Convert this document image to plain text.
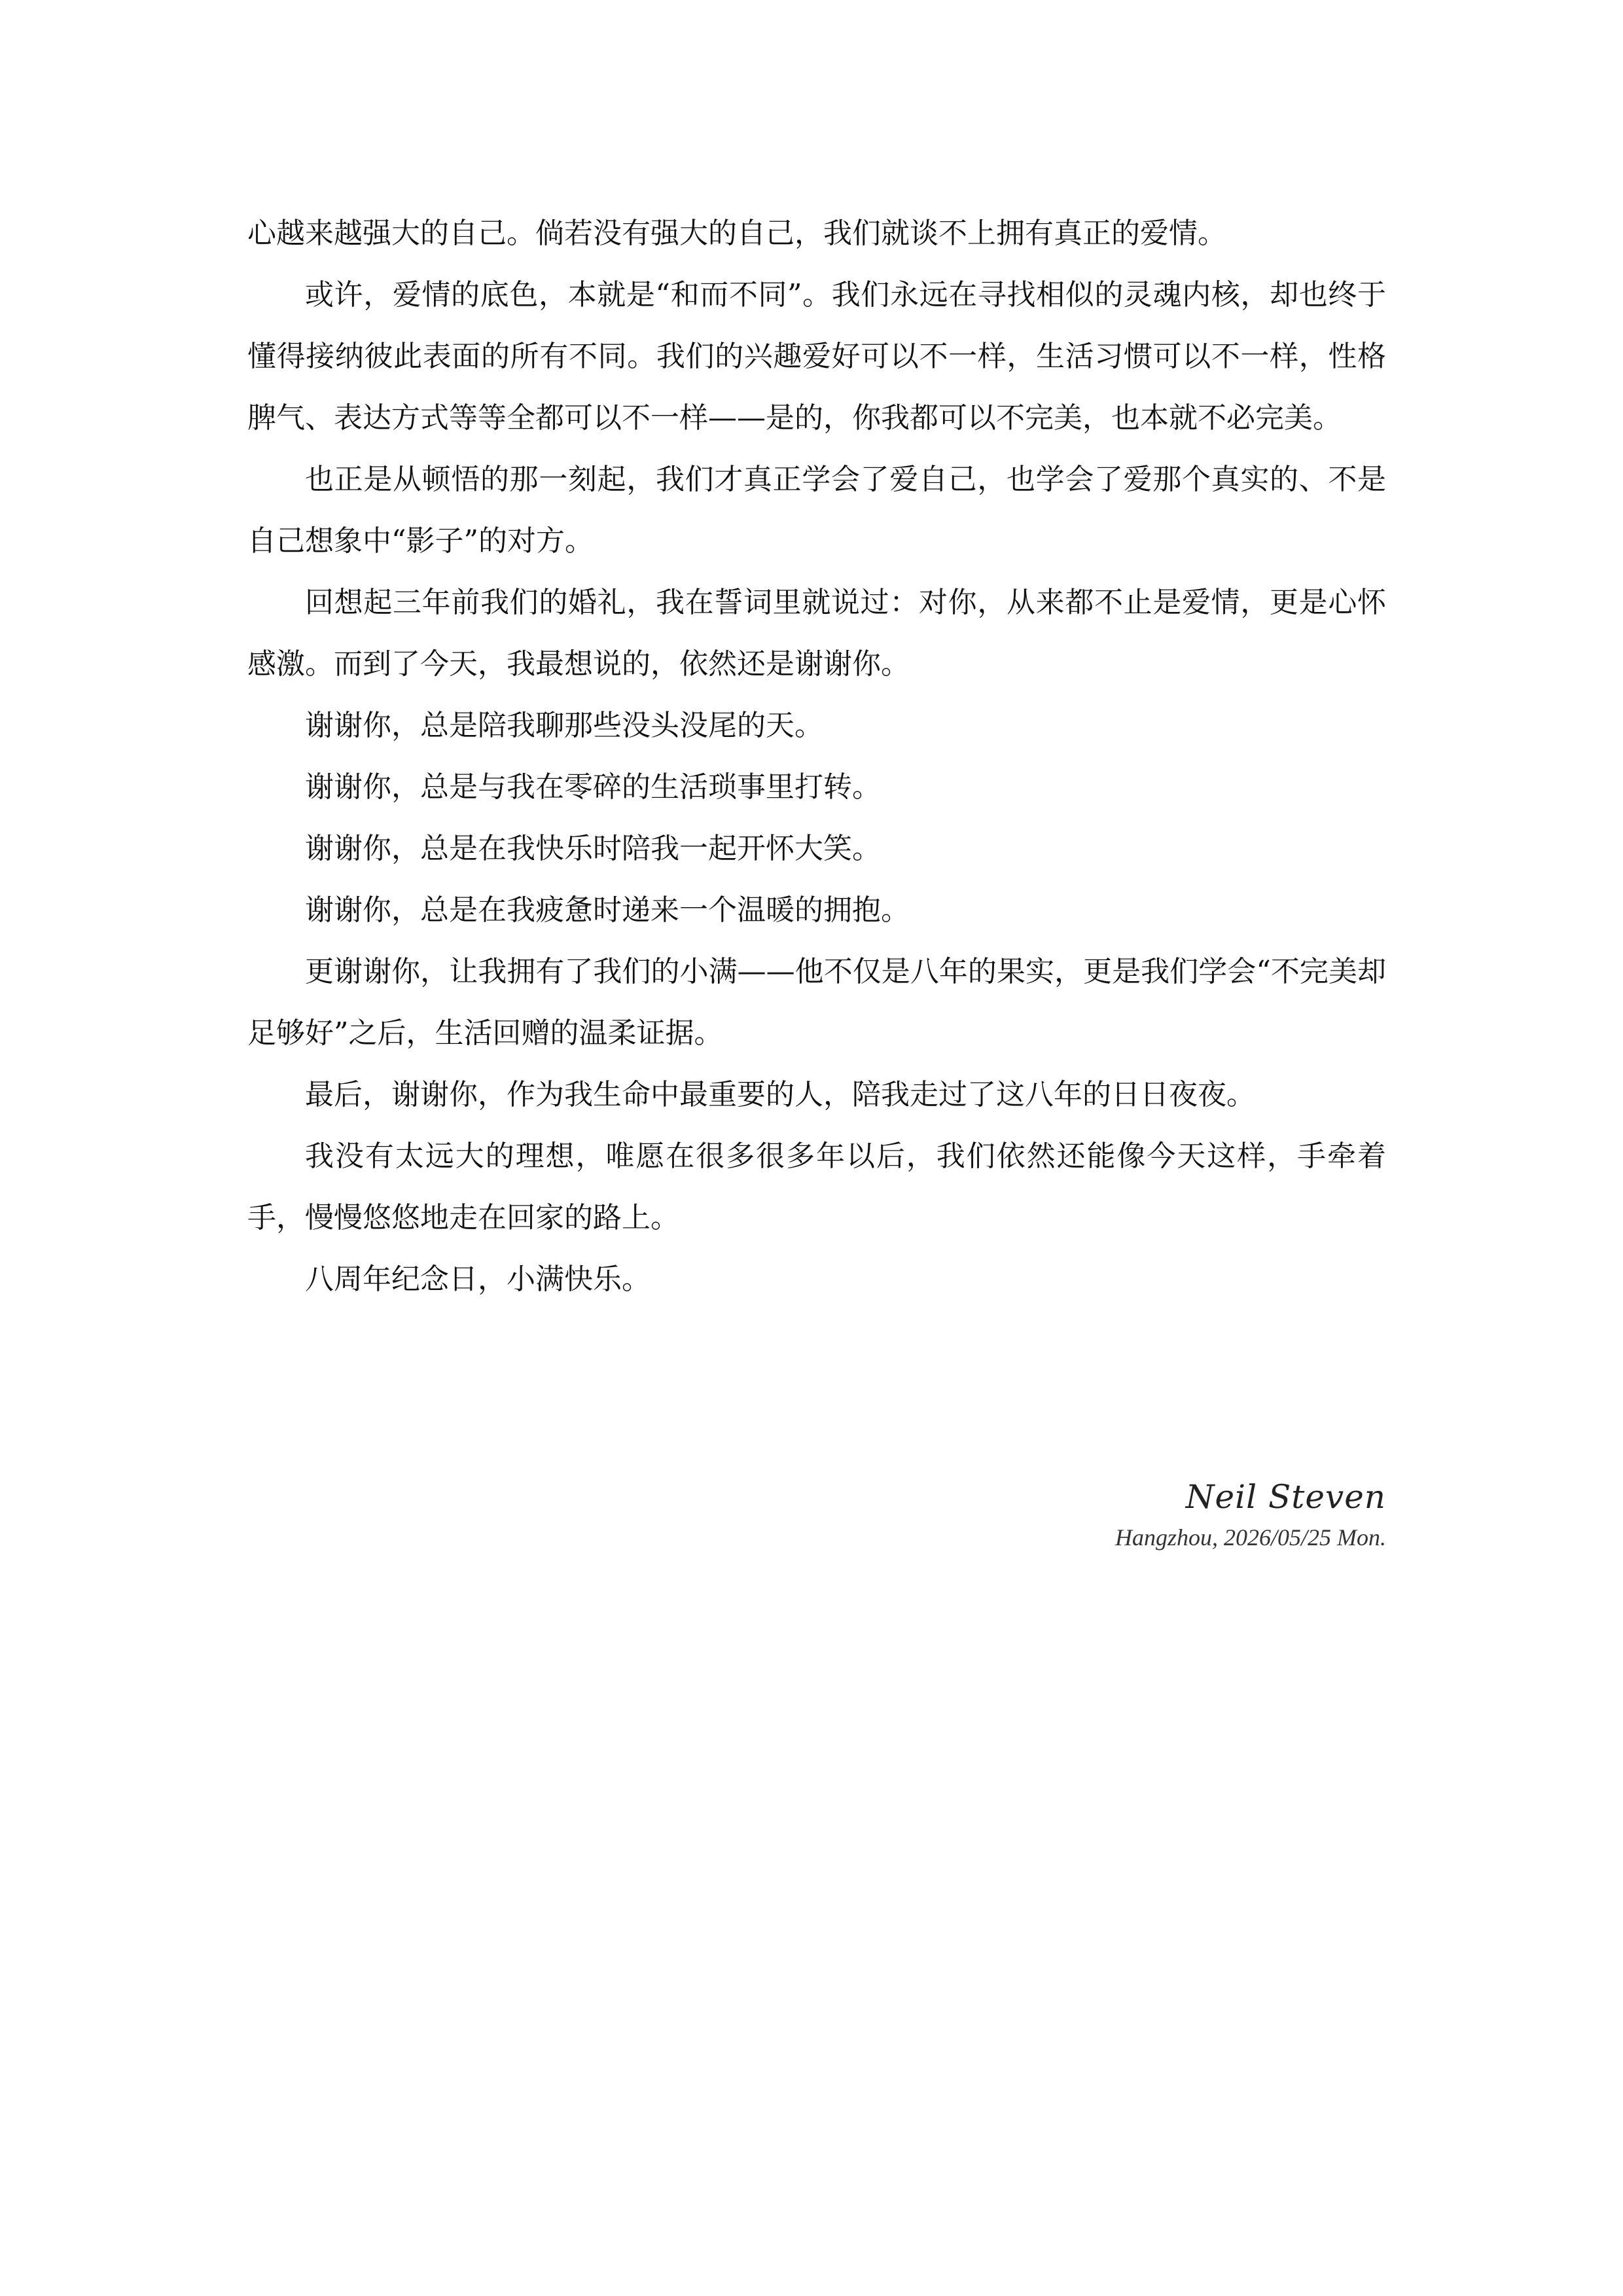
心越来越强大的自己。倘若没有强大的自己，我们就谈不上拥有真正的爱情。

或许，爱情的底色，本就是“和而不同”。我们永远在寻找相似的灵魂内核，却也终于懂得接纳彼此表面的所有不同。我们的兴趣爱好可以不一样，生活习惯可以不一样，性格脾气、表达方式等等全都可以不一样——是的，你我都可以不完美，也本就不必完美。

也正是从顿悟的那一刻起，我们才真正学会了爱自己，也学会了爱那个真实的、不是自己想象中“影子”的对方。

回想起三年前我们的婚礼，我在誓词里就说过：对你，从来都不止是爱情，更是心怀感激。而到了今天，我最想说的，依然还是谢谢你。

谢谢你，总是陪我聊那些没头没尾的天。

谢谢你，总是与我在零碎的生活琐事里打转。

谢谢你，总是在我快乐时陪我一起开怀大笑。

谢谢你，总是在我疲惫时递来一个温暖的拥抱。

更谢谢你，让我拥有了我们的小满——他不仅是八年的果实，更是我们学会“不完美却足够好”之后，生活回赠的温柔证据。

最后，谢谢你，作为我生命中最重要的人，陪我走过了这八年的日日夜夜。

我没有太远大的理想，唯愿在很多很多年以后，我们依然还能像今天这样，手牵着手，慢慢悠悠地走在回家的路上。

八周年纪念日，小满快乐。

Neil Steven
Hangzhou, 2026/05/25 Mon.
